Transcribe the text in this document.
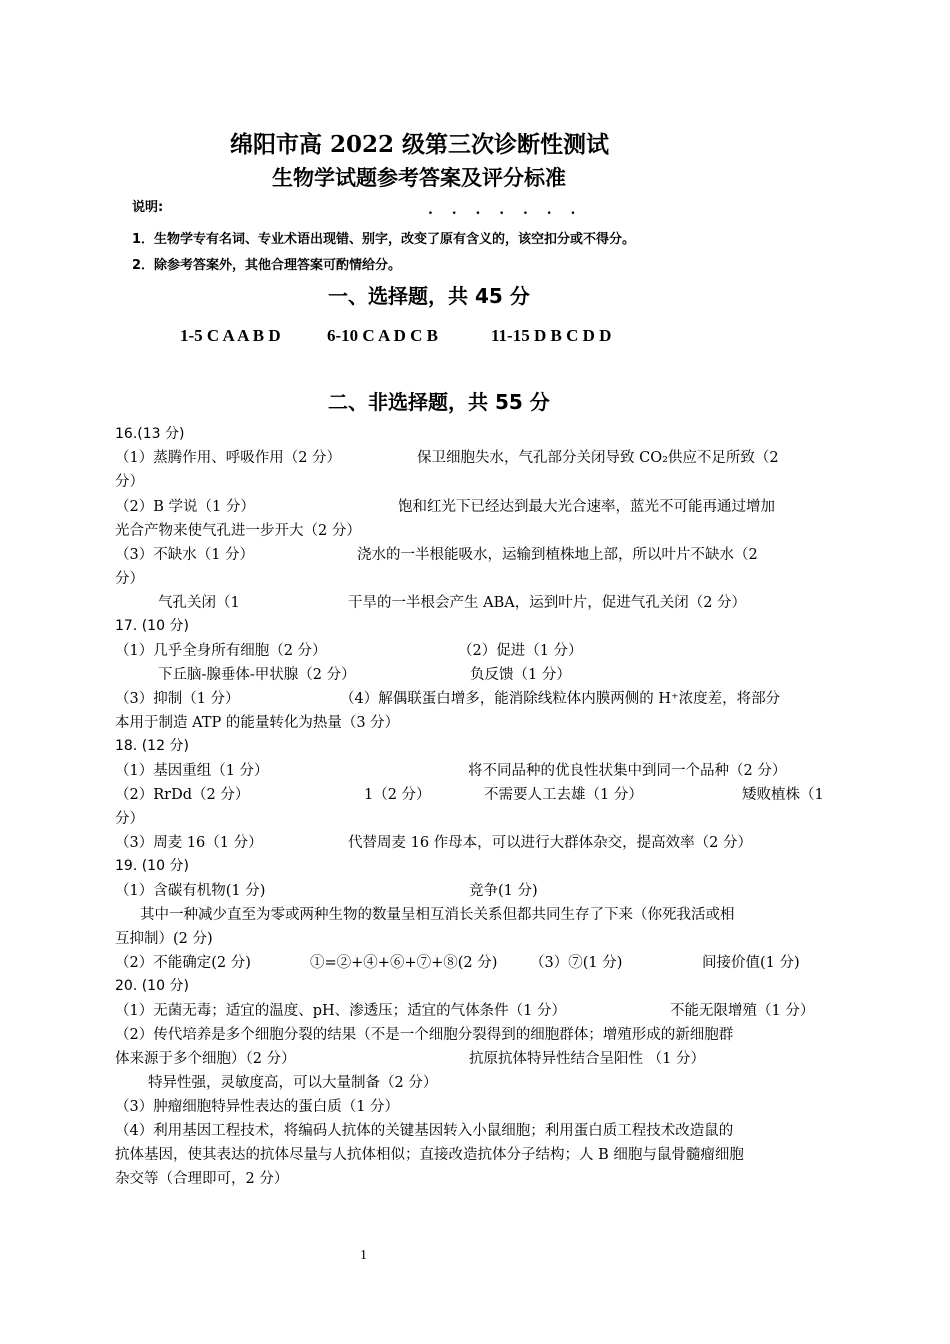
绵阳市高 2022 级第三次诊断性测试
生物学试题参考答案及评分标准
说明:	. . . . . . .
1．生物学专有名词、专业术语出现错、别字，改变了原有含义的，该空扣分或不得分。
2．除参考答案外，其他合理答案可酌情给分。
一、选择题，共 45 分
1-5 C A A B D	6-10 C A D C B	11-15 D B C D D
二、非选择题，共 55 分
16.(13 分)
（1）蒸腾作用、呼吸作用（2 分）	保卫细胞失水，气孔部分关闭导致 CO₂供应不足所致（2
分）
（2）B 学说（1 分）	饱和红光下已经达到最大光合速率，蓝光不可能再通过增加
光合产物来使气孔进一步开大（2 分）
（3）不缺水（1 分）	浇水的一半根能吸水，运输到植株地上部，所以叶片不缺水（2
分）
气孔关闭（1	干旱的一半根会产生 ABA，运到叶片，促进气孔关闭（2 分）
17. (10 分)
（1）几乎全身所有细胞（2 分）	（2）促进（1 分）
下丘脑-腺垂体-甲状腺（2 分）	负反馈（1 分）
（3）抑制（1 分）	（4）解偶联蛋白增多，能消除线粒体内膜两侧的 H⁺浓度差，将部分
本用于制造 ATP 的能量转化为热量（3 分）
18. (12 分)
（1）基因重组（1 分）	将不同品种的优良性状集中到同一个品种（2 分）
（2）RrDd（2 分）	1（2 分）	不需要人工去雄（1 分）	矮败植株（1
分）
（3）周麦 16（1 分）	代替周麦 16 作母本，可以进行大群体杂交，提高效率（2 分）
19. (10 分)
（1）含碳有机物(1 分)	竞争(1 分)
其中一种减少直至为零或两种生物的数量呈相互消长关系但都共同生存了下来（你死我活或相
互抑制）(2 分)
（2）不能确定(2 分)	①=②+④+⑥+⑦+⑧(2 分) （3）⑦(1 分)	间接价值(1 分)
20. (10 分)
（1）无菌无毒；适宜的温度、pH、渗透压；适宜的气体条件（1 分）	不能无限增殖（1 分）
（2）传代培养是多个细胞分裂的结果（不是一个细胞分裂得到的细胞群体；增殖形成的新细胞群
体来源于多个细胞）（2 分）	抗原抗体特异性结合呈阳性 （1 分）
特异性强，灵敏度高，可以大量制备（2 分）
（3）肿瘤细胞特异性表达的蛋白质（1 分）
（4）利用基因工程技术，将编码人抗体的关键基因转入小鼠细胞；利用蛋白质工程技术改造鼠的
抗体基因，使其表达的抗体尽量与人抗体相似；直接改造抗体分子结构；人 B 细胞与鼠骨髓瘤细胞
杂交等（合理即可，2 分）
1
